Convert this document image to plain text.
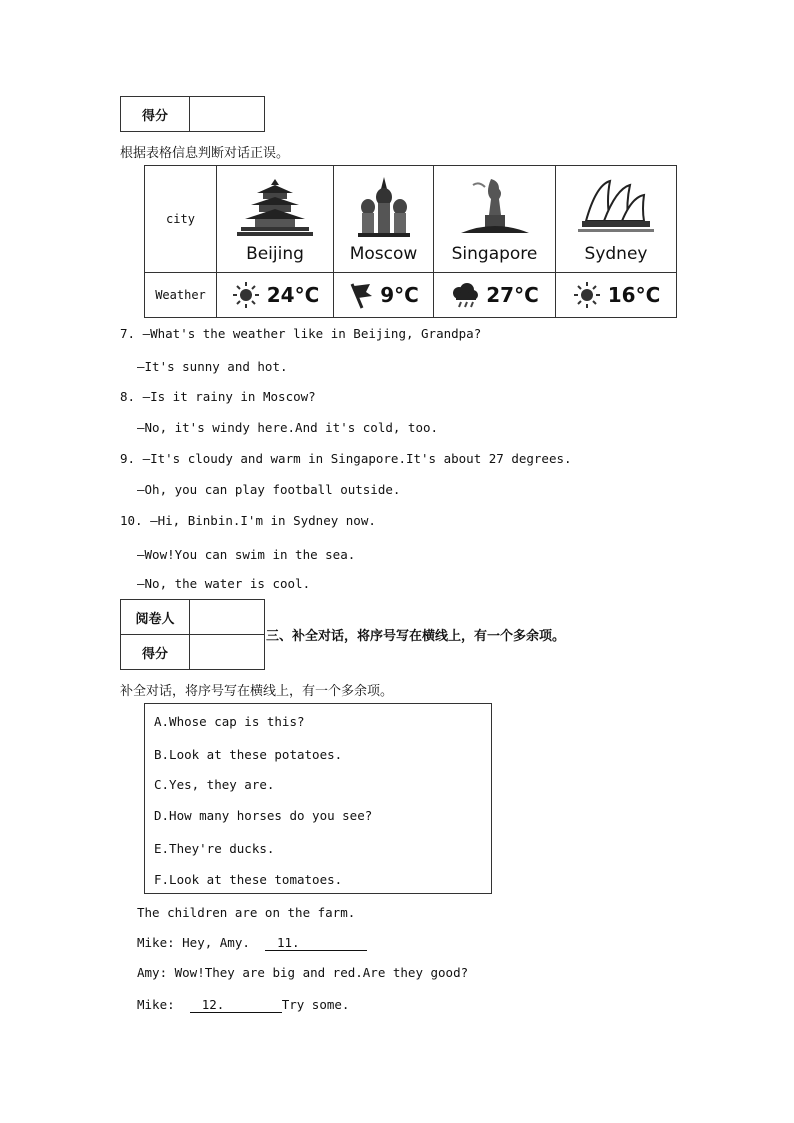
得分	
根据表格信息判断对话正误。
city	Beijing	Moscow	Singapore	Sydney

Weather	24°C	9°C	27°C	16°C
7. —What's the weather like in Beijing, Grandpa?
—It's sunny and hot.
8. —Is it rainy in Moscow?
—No, it's windy here.And it's cold, too.
9. —It's cloudy and warm in Singapore.It's about 27 degrees.
—Oh, you can play football outside.
10. —Hi, Binbin.I'm in Sydney now.
—Wow!You can swim in the sea.
—No, the water is cool.
阅卷人	
得分	
三、补全对话，将序号写在横线上，有一个多余项。
补全对话，将序号写在横线上，有一个多余项。
A.Whose cap is this?
B.Look at these potatoes.
C.Yes, they are.
D.How many horses do you see?
E.They're ducks.
F.Look at these tomatoes.
The children are on the farm.
Mike: Hey, Amy. 11.
Amy: Wow!They are big and red.Are they good?
Mike: 12.	Try some.
